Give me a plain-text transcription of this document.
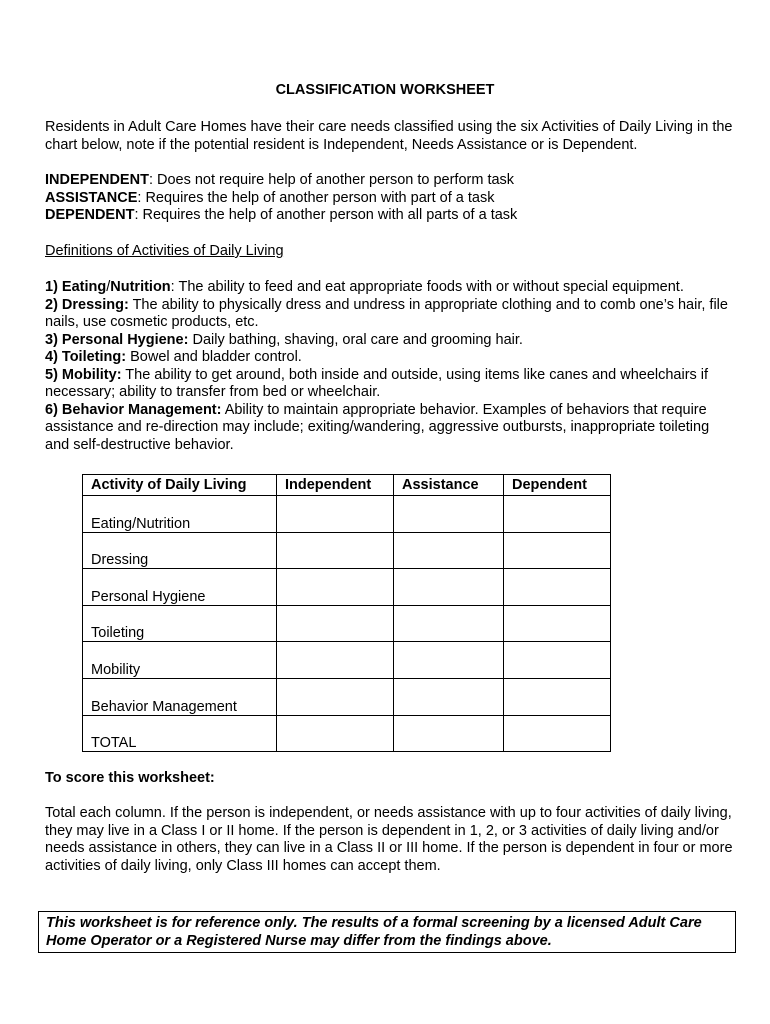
CLASSIFICATION WORKSHEET
Residents in Adult Care Homes have their care needs classified using the six Activities of Daily Living in the chart below, note if the potential resident is Independent, Needs Assistance or is Dependent.
INDEPENDENT: Does not require help of another person to perform task
ASSISTANCE: Requires the help of another person with part of a task
DEPENDENT: Requires the help of another person with all parts of a task
Definitions of Activities of Daily Living
1) Eating/Nutrition: The ability to feed and eat appropriate foods with or without special equipment.
2) Dressing: The ability to physically dress and undress in appropriate clothing and to comb one’s hair, file nails, use cosmetic products, etc.
3) Personal Hygiene: Daily bathing, shaving, oral care and grooming hair.
4) Toileting: Bowel and bladder control.
5) Mobility: The ability to get around, both inside and outside, using items like canes and wheelchairs if necessary; ability to transfer from bed or wheelchair.
6) Behavior Management: Ability to maintain appropriate behavior. Examples of behaviors that require assistance and re-direction may include; exiting/wandering, aggressive outbursts, inappropriate toileting and self-destructive behavior.
Activity of Daily Living	Independent	Assistance	Dependent
Eating/Nutrition			
Dressing			
Personal Hygiene			
Toileting			
Mobility			
Behavior Management			
TOTAL			
To score this worksheet:
Total each column. If the person is independent, or needs assistance with up to four activities of daily living, they may live in a Class I or II home. If the person is dependent in 1, 2, or 3 activities of daily living and/or needs assistance in others, they can live in a Class II or III home. If the person is dependent in four or more activities of daily living, only Class III homes can accept them.
This worksheet is for reference only. The results of a formal screening by a licensed Adult Care Home Operator or a Registered Nurse may differ from the findings above.
